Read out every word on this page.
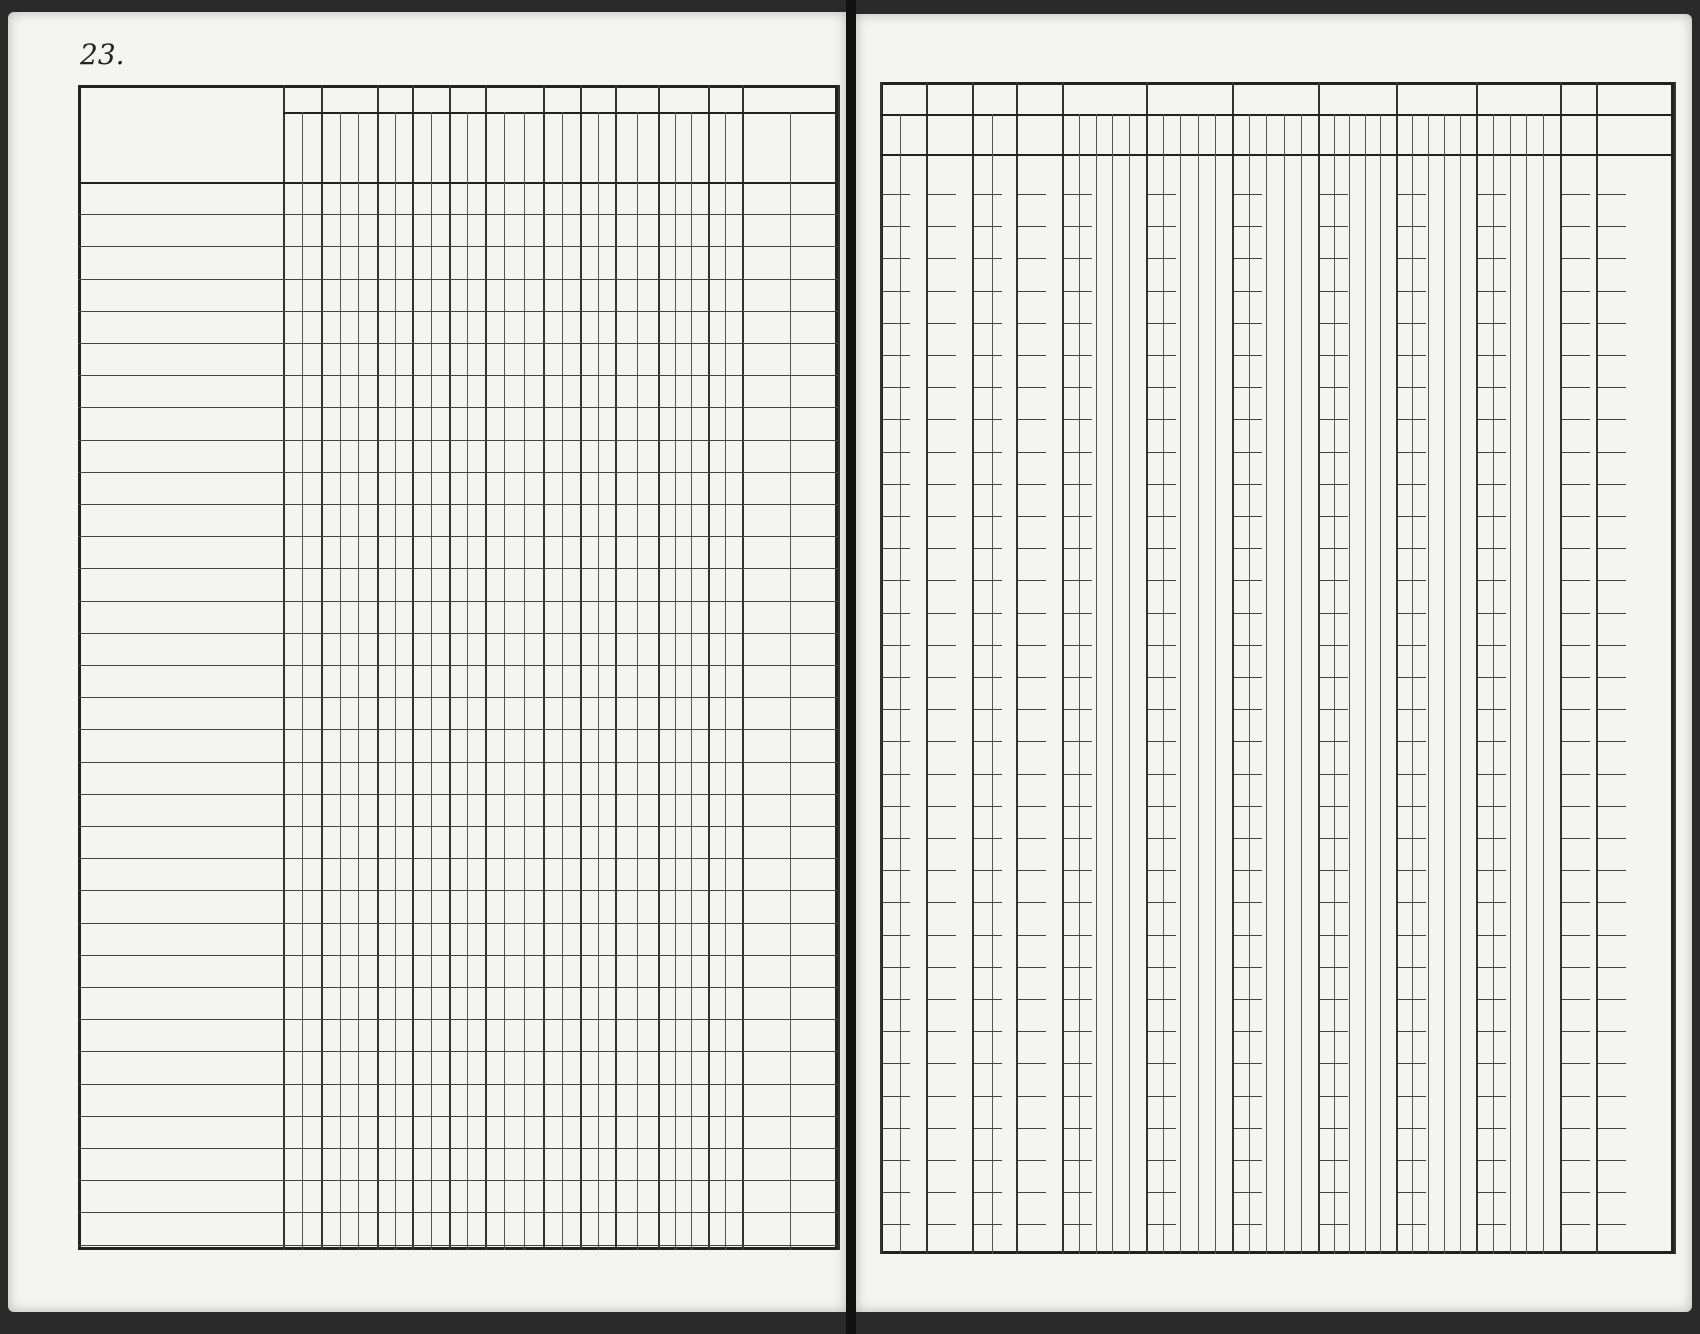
23.
